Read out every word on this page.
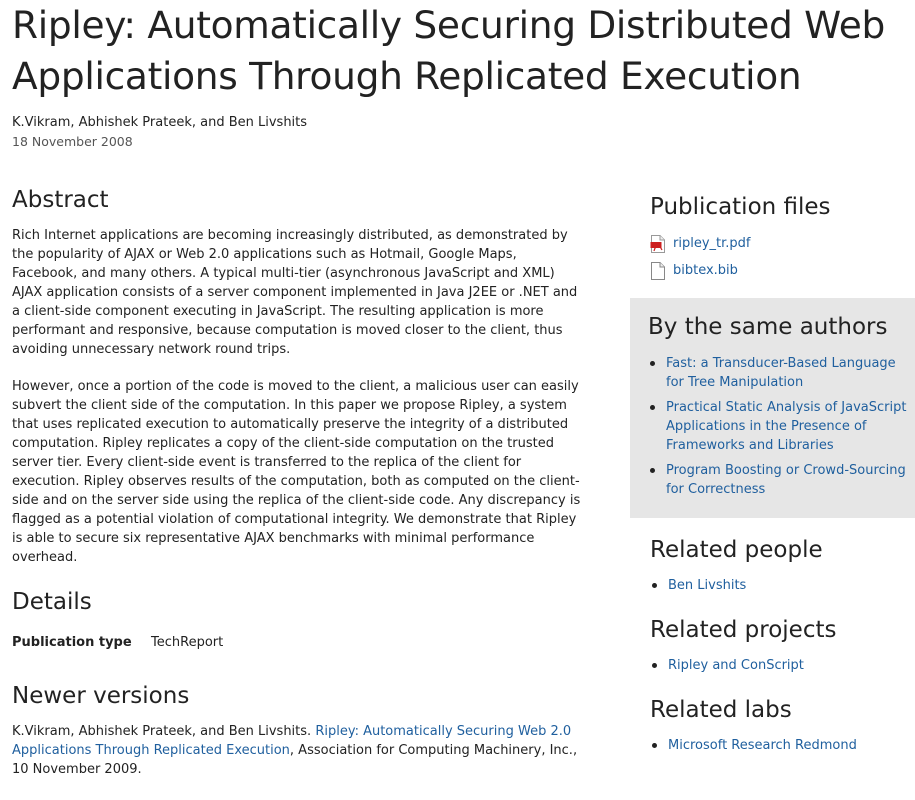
Ripley: Automatically Securing Distributed Web Applications Through Replicated Execution
K.Vikram, Abhishek Prateek, and Ben Livshits
18 November 2008
Abstract

Rich Internet applications are becoming increasingly distributed, as demonstrated by the popularity of AJAX or Web 2.0 applications such as Hotmail, Google Maps, Facebook, and many others. A typical multi-tier (asynchronous JavaScript and XML) AJAX application consists of a server component implemented in Java J2EE or .NET and a client-side component executing in JavaScript. The resulting application is more performant and responsive, because computation is moved closer to the client, thus avoiding unnecessary network round trips.

However, once a portion of the code is moved to the client, a malicious user can easily subvert the client side of the computation. In this paper we propose Ripley, a system that uses replicated execution to automatically preserve the integrity of a distributed computation. Ripley replicates a copy of the client-side computation on the trusted server tier. Every client-side event is transferred to the replica of the client for execution. Ripley observes results of the computation, both as computed on the client-side and on the server side using the replica of the client-side code. Any discrepancy is flagged as a potential violation of computational integrity. We demonstrate that Ripley is able to secure six representative AJAX benchmarks with minimal performance overhead.

Details
Publication type TechReport
Newer versions

K.Vikram, Abhishek Prateek, and Ben Livshits. Ripley: Automatically Securing Web 2.0 Applications Through Replicated Execution, Association for Computing Machinery, Inc., 10 November 2009.

Publication files
ripley_tr.pdf
bibtex.bib
By the same authors
Fast: a Transducer-Based Language for Tree Manipulation
Practical Static Analysis of JavaScript Applications in the Presence of Frameworks and Libraries
Program Boosting or Crowd-Sourcing for Correctness
Related people
Ben Livshits
Related projects
Ripley and ConScript
Related labs
Microsoft Research Redmond
